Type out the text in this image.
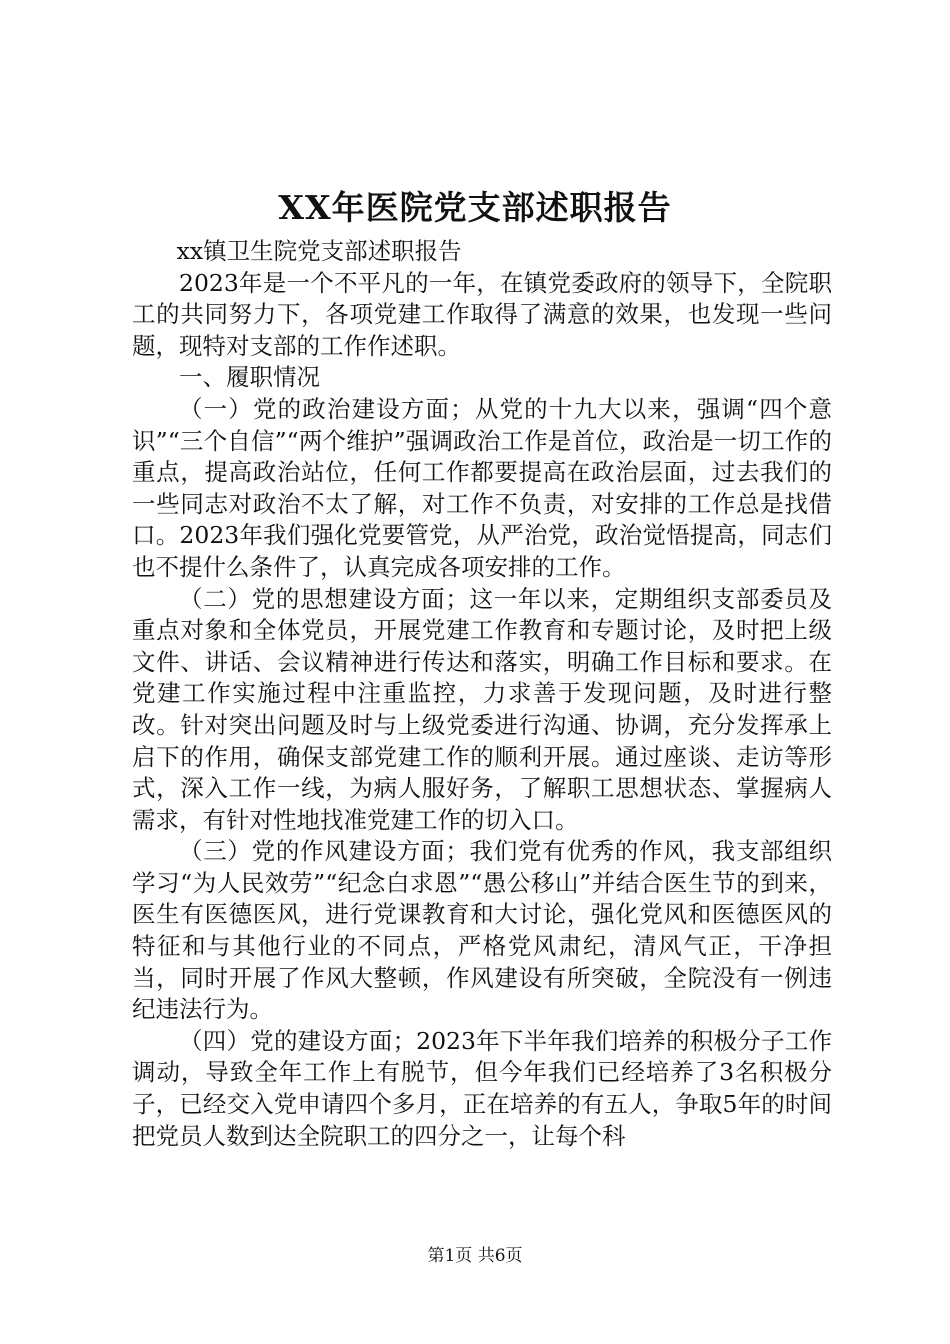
XX年医院党支部述职报告

xx镇卫生院党支部述职报告

2023年是一个不平凡的一年，在镇党委政府的领导下，全院职工的共同努力下，各项党建工作取得了满意的效果，也发现一些问题，现特对支部的工作作述职。

一、履职情况

（一）党的政治建设方面；从党的十九大以来，强调“四个意识”“三个自信”“两个维护”强调政治工作是首位，政治是一切工作的重点，提高政治站位，任何工作都要提高在政治层面，过去我们的一些同志对政治不太了解，对工作不负责，对安排的工作总是找借口。2023年我们强化党要管党，从严治党，政治觉悟提高，同志们也不提什么条件了，认真完成各项安排的工作。

（二）党的思想建设方面；这一年以来，定期组织支部委员及重点对象和全体党员，开展党建工作教育和专题讨论，及时把上级文件、讲话、会议精神进行传达和落实，明确工作目标和要求。在党建工作实施过程中注重监控，力求善于发现问题，及时进行整改。针对突出问题及时与上级党委进行沟通、协调，充分发挥承上启下的作用，确保支部党建工作的顺利开展。通过座谈、走访等形式，深入工作一线，为病人服好务，了解职工思想状态、掌握病人需求，有针对性地找准党建工作的切入口。

（三）党的作风建设方面；我们党有优秀的作风，我支部组织学习“为人民效劳”“纪念白求恩”“愚公移山”并结合医生节的到来，医生有医德医风，进行党课教育和大讨论，强化党风和医德医风的特征和与其他行业的不同点，严格党风肃纪，清风气正，干净担当，同时开展了作风大整顿，作风建设有所突破，全院没有一例违纪违法行为。

（四）党的建设方面；2023年下半年我们培养的积极分子工作调动，导致全年工作上有脱节，但今年我们已经培养了3名积极分子，已经交入党申请四个多月，正在培养的有五人，争取5年的时间把党员人数到达全院职工的四分之一，让每个科

第1页 共6页
